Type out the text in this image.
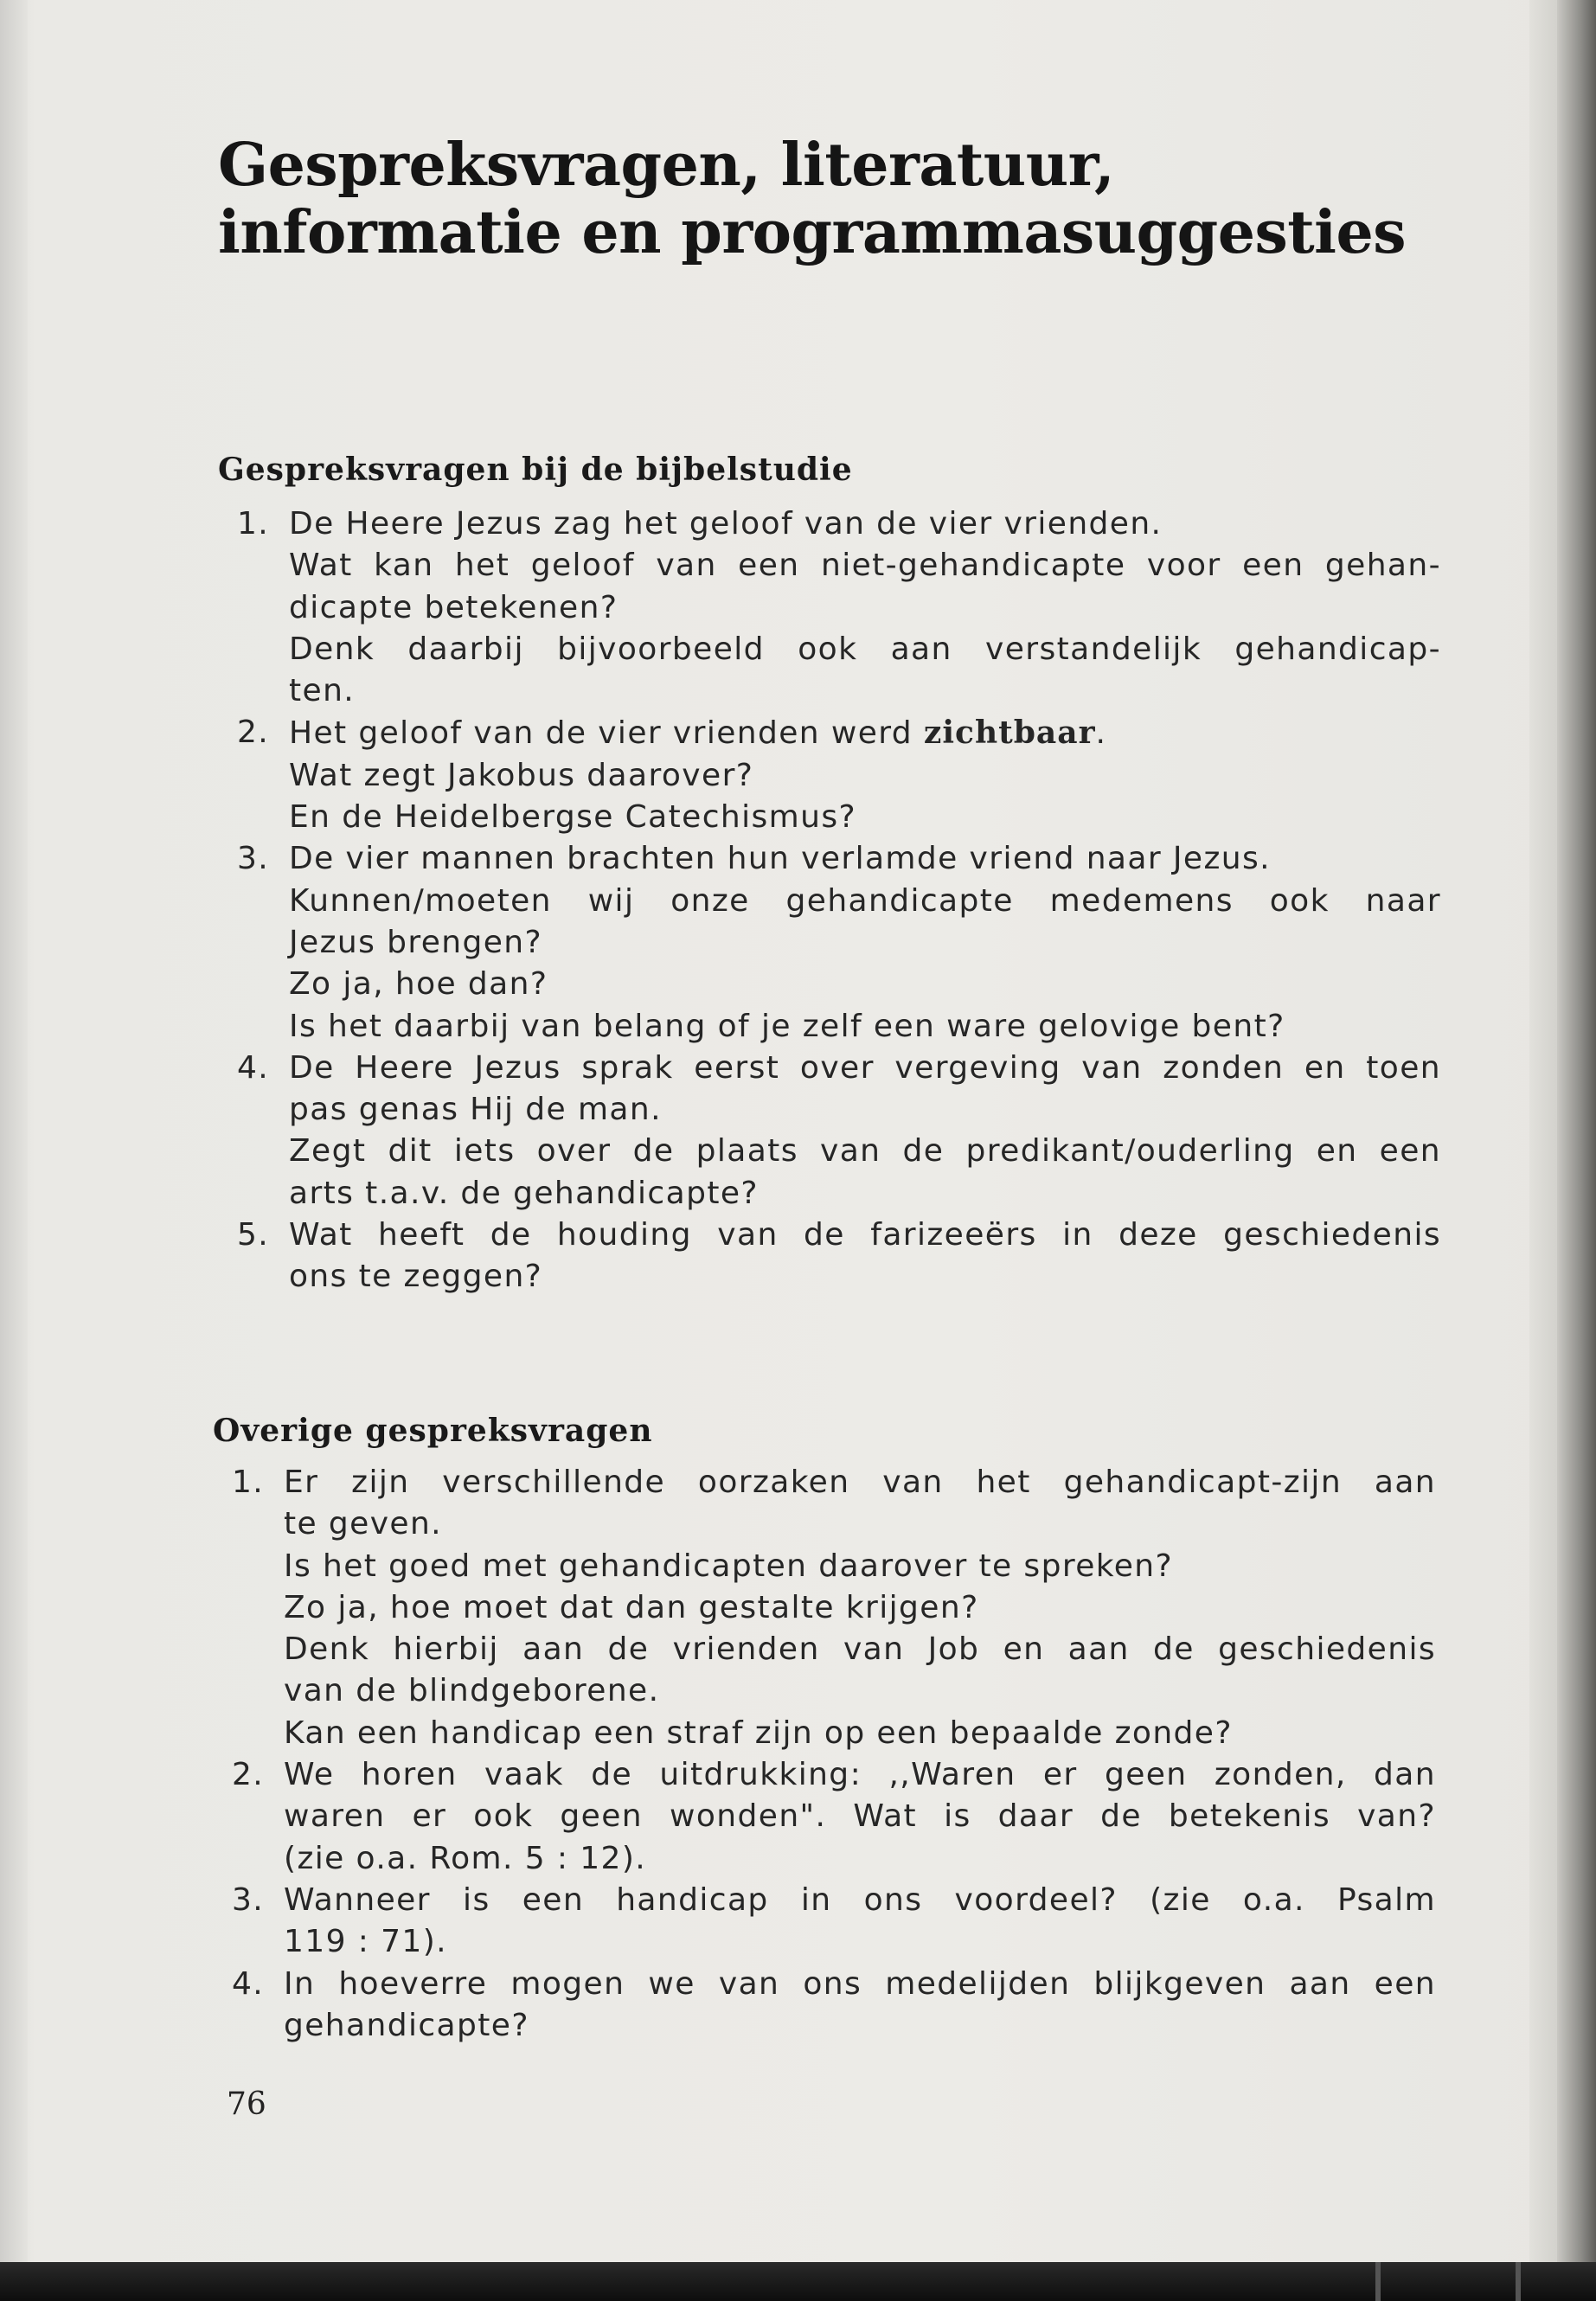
Gespreksvragen, literatuur,
informatie en programmasuggesties
Gespreksvragen bij de bijbelstudie
1. De Heere Jezus zag het geloof van de vier vrienden.
Wat kan het geloof van een niet-gehandicapte voor een gehan-
dicapte betekenen?
Denk daarbij bijvoorbeeld ook aan verstandelijk gehandicap-
ten.
2. Het geloof van de vier vrienden werd zichtbaar.
Wat zegt Jakobus daarover?
En de Heidelbergse Catechismus?
3. De vier mannen brachten hun verlamde vriend naar Jezus.
Kunnen/moeten wij onze gehandicapte medemens ook naar
Jezus brengen?
Zo ja, hoe dan?
Is het daarbij van belang of je zelf een ware gelovige bent?
4. De Heere Jezus sprak eerst over vergeving van zonden en toen
pas genas Hij de man.
Zegt dit iets over de plaats van de predikant/ouderling en een
arts t.a.v. de gehandicapte?
5. Wat heeft de houding van de farizeeërs in deze geschiedenis
ons te zeggen?
Overige gespreksvragen
1. Er zijn verschillende oorzaken van het gehandicapt-zijn aan
te geven.
Is het goed met gehandicapten daarover te spreken?
Zo ja, hoe moet dat dan gestalte krijgen?
Denk hierbij aan de vrienden van Job en aan de geschiedenis
van de blindgeborene.
Kan een handicap een straf zijn op een bepaalde zonde?
2. We horen vaak de uitdrukking: ,,Waren er geen zonden, dan
waren er ook geen wonden". Wat is daar de betekenis van?
(zie o.a. Rom. 5 : 12).
3. Wanneer is een handicap in ons voordeel? (zie o.a. Psalm
119 : 71).
4. In hoeverre mogen we van ons medelijden blijkgeven aan een
gehandicapte?

76
